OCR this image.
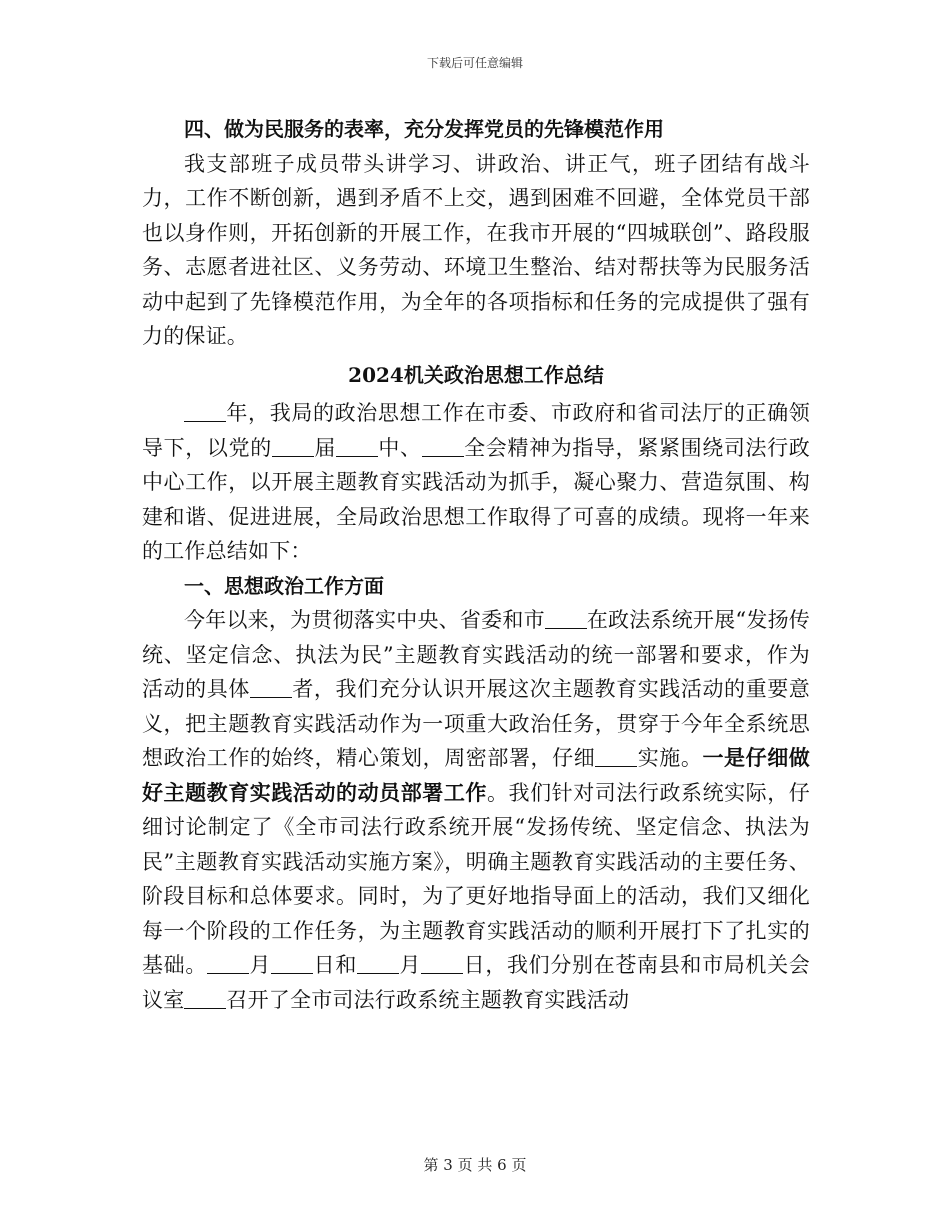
下载后可任意编辑

四、做为民服务的表率，充分发挥党员的先锋模范作用

我支部班子成员带头讲学习、讲政治、讲正气，班子团结有战斗力，工作不断创新，遇到矛盾不上交，遇到困难不回避，全体党员干部也以身作则，开拓创新的开展工作，在我市开展的“四城联创”、路段服务、志愿者进社区、义务劳动、环境卫生整治、结对帮扶等为民服务活动中起到了先锋模范作用，为全年的各项指标和任务的完成提供了强有力的保证。

2024机关政治思想工作总结

年，我局的政治思想工作在市委、市政府和省司法厅的正确领导下，以党的 届 中、 全会精神为指导，紧紧围绕司法行政中心工作，以开展主题教育实践活动为抓手，凝心聚力、营造氛围、构建和谐、促进进展，全局政治思想工作取得了可喜的成绩。现将一年来的工作总结如下：

一、思想政治工作方面

今年以来，为贯彻落实中央、省委和市 在政法系统开展“发扬传统、坚定信念、执法为民”主题教育实践活动的统一部署和要求，作为活动的具体 者，我们充分认识开展这次主题教育实践活动的重要意义，把主题教育实践活动作为一项重大政治任务，贯穿于今年全系统思想政治工作的始终，精心策划，周密部署，仔细 实施。一是仔细做好主题教育实践活动的动员部署工作。我们针对司法行政系统实际，仔细讨论制定了《全市司法行政系统开展“发扬传统、坚定信念、执法为民”主题教育实践活动实施方案》，明确主题教育实践活动的主要任务、阶段目标和总体要求。同时，为了更好地指导面上的活动，我们又细化每一个阶段的工作任务，为主题教育实践活动的顺利开展打下了扎实的基础。 月 日和 月 日，我们分别在苍南县和市局机关会议室 召开了全市司法行政系统主题教育实践活动

第 3 页 共 6 页
